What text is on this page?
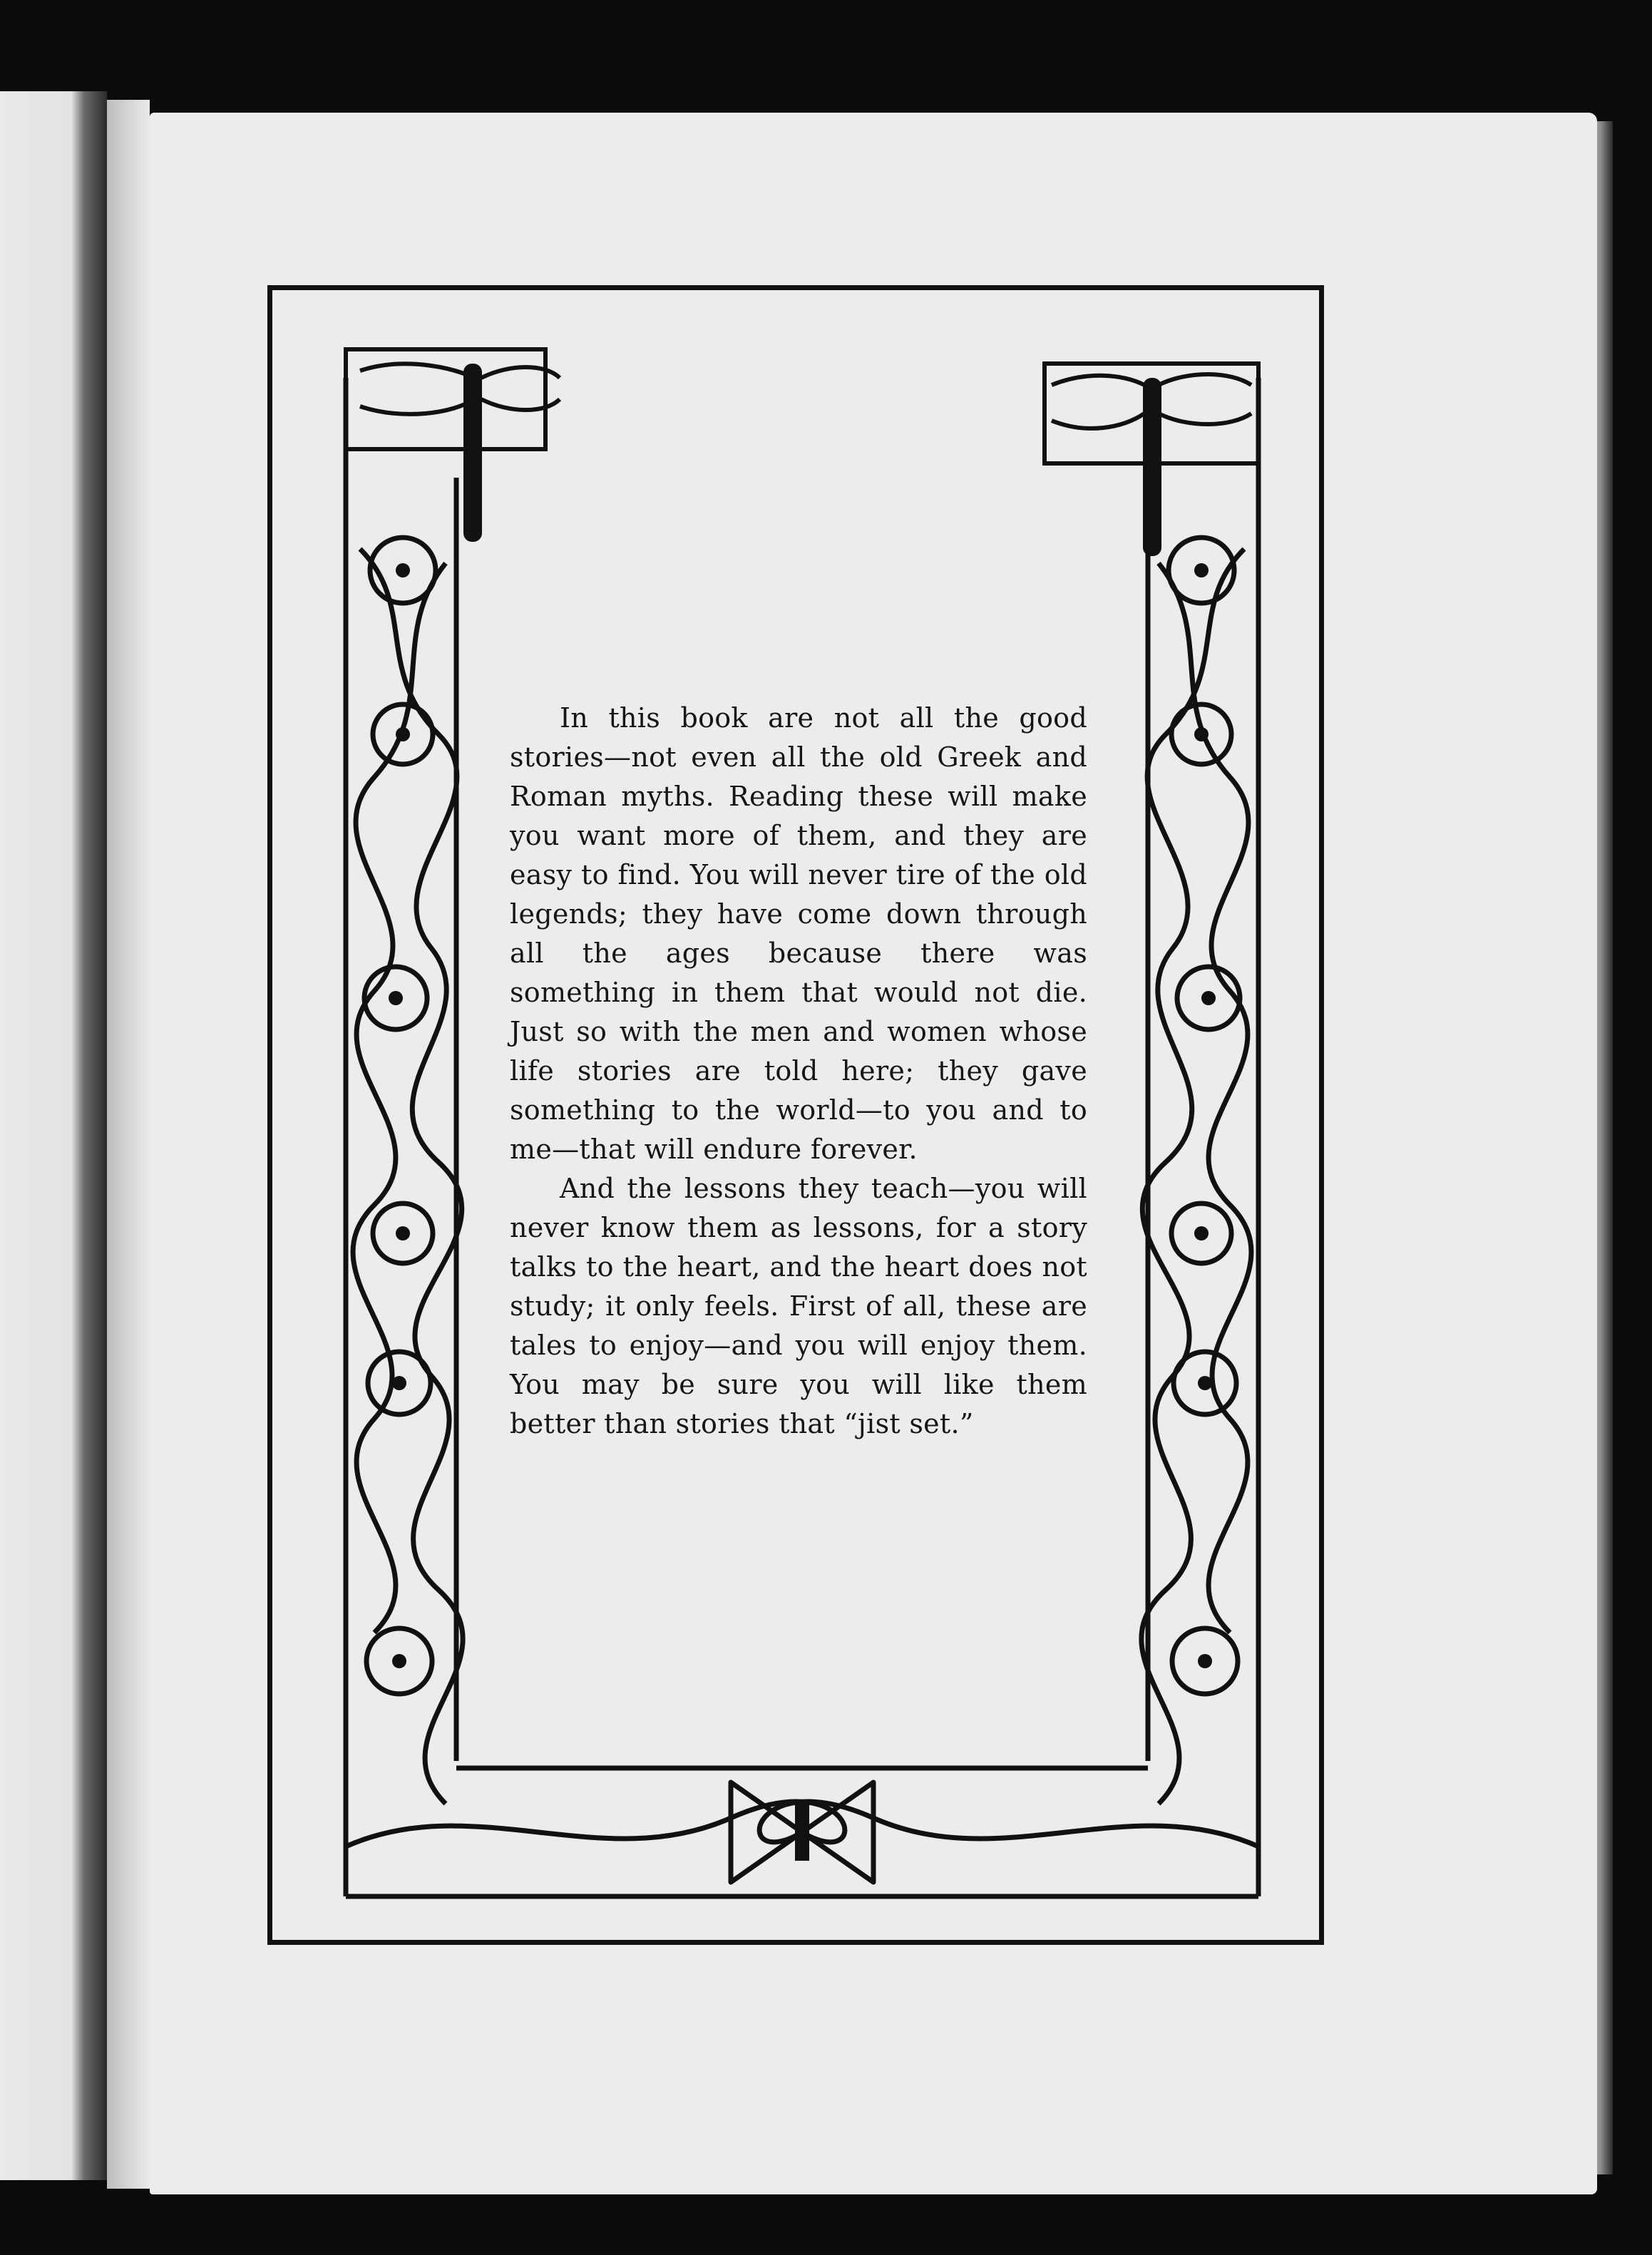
In this book are not all the good stories—not even all the old Greek and Roman myths. Reading these will make you want more of them, and they are easy to find. You will never tire of the old legends; they have come down through all the ages because there was something in them that would not die. Just so with the men and women whose life stories are told here; they gave something to the world—to you and to me—that will endure forever.

And the lessons they teach—you will never know them as lessons, for a story talks to the heart, and the heart does not study; it only feels. First of all, these are tales to enjoy—and you will enjoy them. You may be sure you will like them better than stories that “jist set.”
